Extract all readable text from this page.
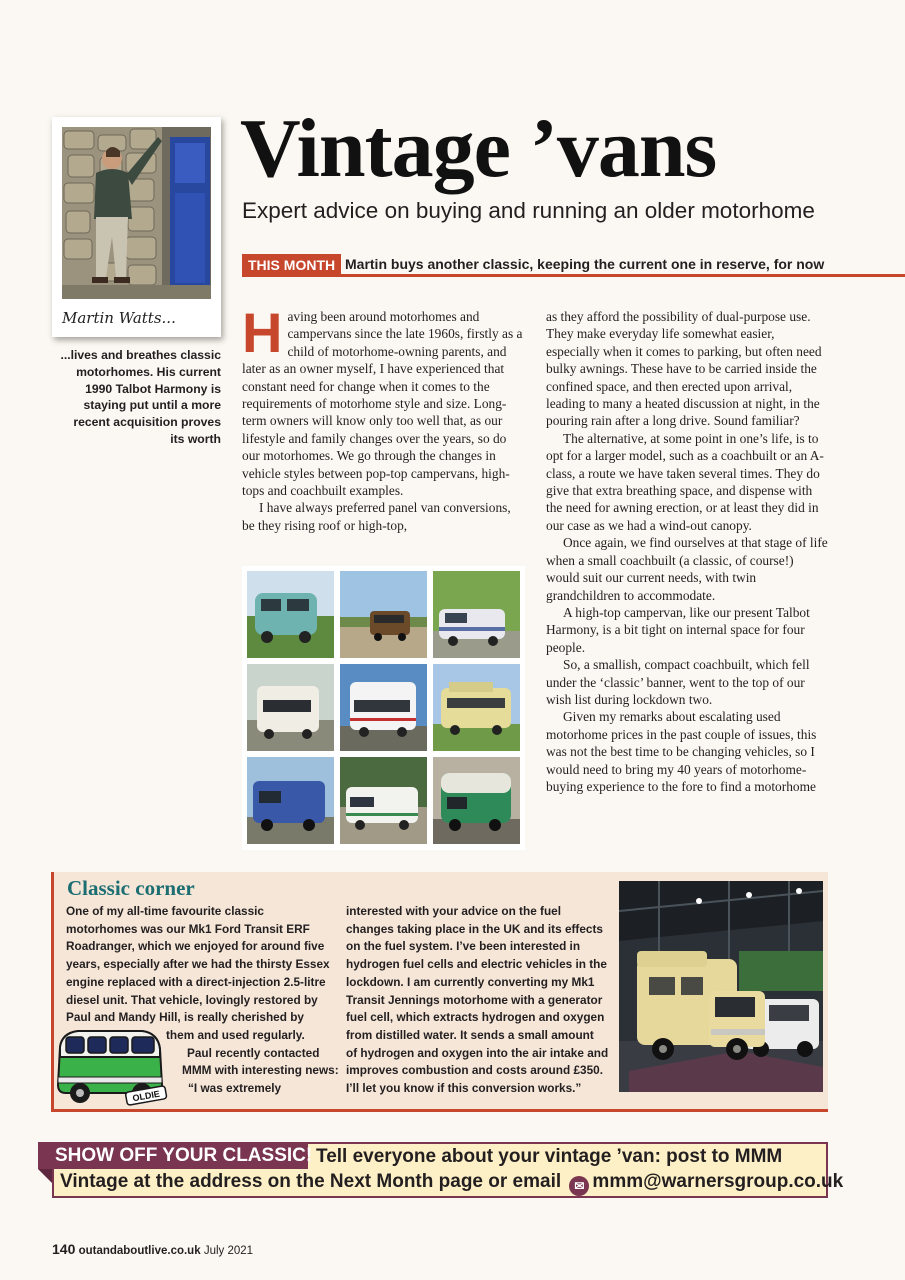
Martin Watts...
...lives and breathes classic motorhomes. His current 1990 Talbot Harmony is staying put until a more recent acquisition proves its worth
Vintage ’vans
Expert advice on buying and running an older motorhome
THIS MONTH Martin buys another classic, keeping the current one in reserve, for now

Having been around motorhomes and campervans since the late 1960s, firstly as a child of motorhome-owning parents, and later as an owner myself, I have experienced that constant need for change when it comes to the requirements of motorhome style and size. Long-term owners will know only too well that, as our lifestyle and family changes over the years, so do our motorhomes. We go through the changes in vehicle styles between pop-top campervans, high-tops and coachbuilt examples.

I have always preferred panel van conversions, be they rising roof or high-top,

as they afford the possibility of dual-purpose use. They make everyday life somewhat easier, especially when it comes to parking, but often need bulky awnings. These have to be carried inside the confined space, and then erected upon arrival, leading to many a heated discussion at night, in the pouring rain after a long drive. Sound familiar?

The alternative, at some point in one’s life, is to opt for a larger model, such as a coachbuilt or an A-class, a route we have taken several times. They do give that extra breathing space, and dispense with the need for awning erection, or at least they did in our case as we had a wind-out canopy.

Once again, we find ourselves at that stage of life when a small coachbuilt (a classic, of course!) would suit our current needs, with twin grandchildren to accommodate.

A high-top campervan, like our present Talbot Harmony, is a bit tight on internal space for four people.

So, a smallish, compact coachbuilt, which fell under the ‘classic’ banner, went to the top of our wish list during lockdown two.

Given my remarks about escalating used motorhome prices in the past couple of issues, this was not the best time to be changing vehicles, so I would need to bring my 40 years of motorhome-buying experience to the fore to find a motorhome

Classic corner
One of my all-time favourite classic
motorhomes was our Mk1 Ford Transit ERF
Roadranger, which we enjoyed for around five
years, especially after we had the thirsty Essex
engine replaced with a direct-injection 2.5-litre
diesel unit. That vehicle, lovingly restored by
Paul and Mandy Hill, is really cherished by
them and used regularly.
Paul recently contacted
MMM with interesting news:
“I was extremely
interested with your advice on the fuel
changes taking place in the UK and its effects
on the fuel system. I’ve been interested in
hydrogen fuel cells and electric vehicles in the
lockdown. I am currently converting my Mk1
Transit Jennings motorhome with a generator
fuel cell, which extracts hydrogen and oxygen
from distilled water. It sends a small amount
of hydrogen and oxygen into the air intake and
improves combustion and costs around £350.
I’ll let you know if this conversion works.”
OLDIE
SHOW OFF YOUR CLASSIC! Tell everyone about your vintage ’van: post to MMM
Vintage at the address on the Next Month page or email ✉ mmm@warnersgroup.co.uk
140 outandaboutlive.co.uk July 2021
